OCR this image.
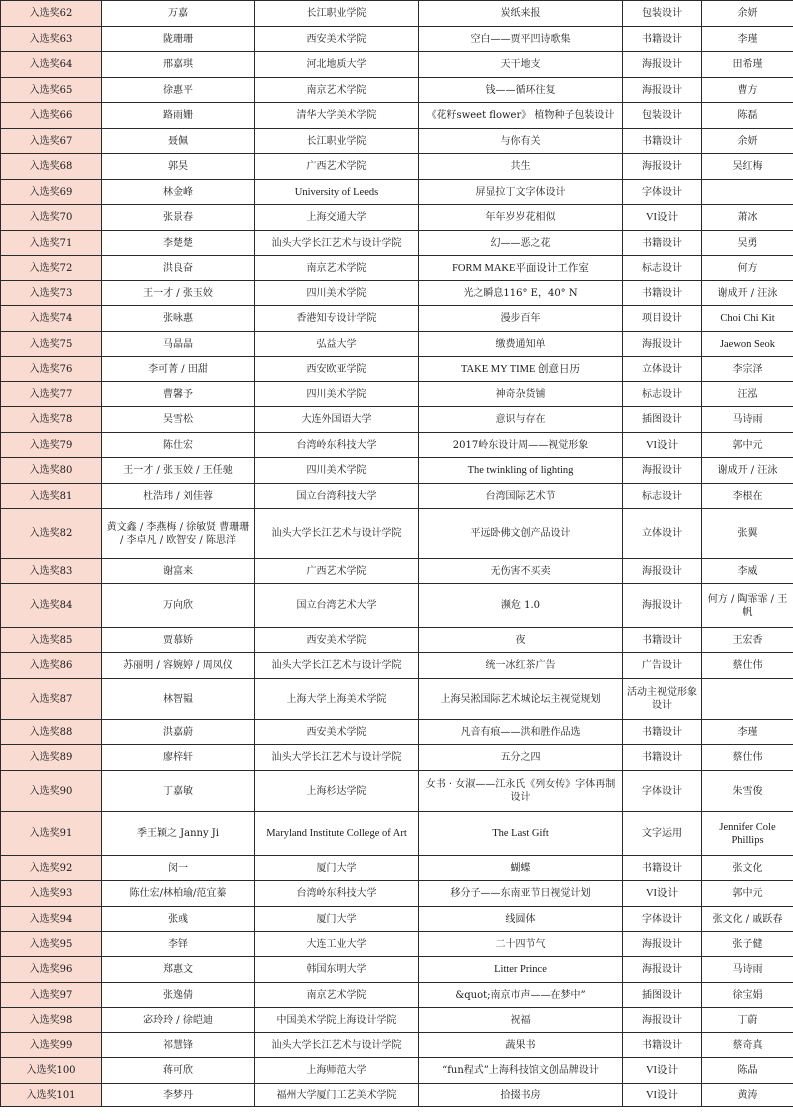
入选奖62	万嘉	长江职业学院	炭纸来报	包装设计	余妍
入选奖63	陇珊珊	西安美术学院	空白——贾平凹诗歌集	书籍设计	李瑾
入选奖64	邢嘉琪	河北地质大学	天干地支	海报设计	田希瑾
入选奖65	徐惠平	南京艺术学院	钱——循环往复	海报设计	曹方
入选奖66	路雨姗	清华大学美术学院	《花籽sweet flower》 植物种子包装设计	包装设计	陈磊
入选奖67	聂佩	长江职业学院	与你有关	书籍设计	余妍
入选奖68	郭昊	广西艺术学院	共生	海报设计	吴红梅
入选奖69	林金峰	University of Leeds	屏显拉丁文字体设计	字体设计	
入选奖70	张景春	上海交通大学	年年岁岁花相似	VI设计	萧冰
入选奖71	李楚楚	汕头大学长江艺术与设计学院	幻——恶之花	书籍设计	吴勇
入选奖72	洪良奋	南京艺术学院	FORM MAKE平面设计工作室	标志设计	何方
入选奖73	王一才 / 张玉姣	四川美术学院	光之瞬息116° E，40° N	书籍设计	谢成开 / 汪泳
入选奖74	张咏惠	香港知专设计学院	漫步百年	项目设计	Choi Chi Kit
入选奖75	马晶晶	弘益大学	缴费通知单	海报设计	Jaewon Seok
入选奖76	李可菁 / 田甜	西安欧亚学院	TAKE MY TIME 创意日历	立体设计	李宗泽
入选奖77	曹馨予	四川美术学院	神奇杂货铺	标志设计	汪泓
入选奖78	吴雪松	大连外国语大学	意识与存在	插图设计	马诗雨
入选奖79	陈仕宏	台湾岭东科技大学	2017岭东设计周——视觉形象	VI设计	郭中元
入选奖80	王一才 / 张玉姣 / 王任驰	四川美术学院	The twinkling of lighting	海报设计	谢成开 / 汪泳
入选奖81	杜浩玮 / 刘佳蓉	国立台湾科技大学	台湾国际艺术节	标志设计	李根在
入选奖82	黄文鑫 / 李燕梅 / 徐敏贤 曹珊珊 / 李卓凡 / 欧智安 / 陈思洋	汕头大学长江艺术与设计学院	平远卧佛文创产品设计	立体设计	张翼
入选奖83	谢富来	广西艺术学院	无伤害不买卖	海报设计	李威
入选奖84	万向欣	国立台湾艺术大学	濒危 1.0	海报设计	何方 / 陶霏霏 / 王帆
入选奖85	贾慕娇	西安美术学院	夜	书籍设计	王宏香
入选奖86	苏丽明 / 容婉婷 / 周凤仪	汕头大学长江艺术与设计学院	统一冰红茶广告	广告设计	蔡仕伟
入选奖87	林智韫	上海大学上海美术学院	上海吴淞国际艺术城论坛主视觉规划	活动主视觉形象设计	
入选奖88	洪嘉蔚	西安美术学院	凡音有痕——洪和胜作品选	书籍设计	李瑾
入选奖89	廖梓轩	汕头大学长江艺术与设计学院	五分之四	书籍设计	蔡仕伟
入选奖90	丁嘉敏	上海杉达学院	女书 · 女淑——江永氏《列女传》字体再制设计	字体设计	朱雪俊
入选奖91	季王颖之 Janny Ji	Maryland Institute College of Art	The Last Gift	文字运用	Jennifer Cole Phillips
入选奖92	闵一	厦门大学	蝴蝶	书籍设计	张文化
入选奖93	陈仕宏/林柏瑜/范宜蓁	台湾岭东科技大学	移分子——东南亚节日视觉计划	VI设计	郭中元
入选奖94	张彧	厦门大学	线圆体	字体设计	张文化 / 戚跃春
入选奖95	李铎	大连工业大学	二十四节气	海报设计	张子健
入选奖96	郑惠文	韩国东明大学	Litter Prince	海报设计	马诗雨
入选奖97	张逸倩	南京艺术学院	&quot;南京市声——在梦中”	插图设计	徐宝娟
入选奖98	宓玲玲 / 徐皑迪	中国美术学院上海设计学院	祝福	海报设计	丁蔚
入选奖99	祁慧锋	汕头大学长江艺术与设计学院	蔬果书	书籍设计	蔡奇真
入选奖100	蒋可欣	上海师范大学	“fun程式”上海科技馆文创品牌设计	VI设计	陈晶
入选奖101	李梦丹	福州大学厦门工艺美术学院	拾掇书房	VI设计	黄涛
